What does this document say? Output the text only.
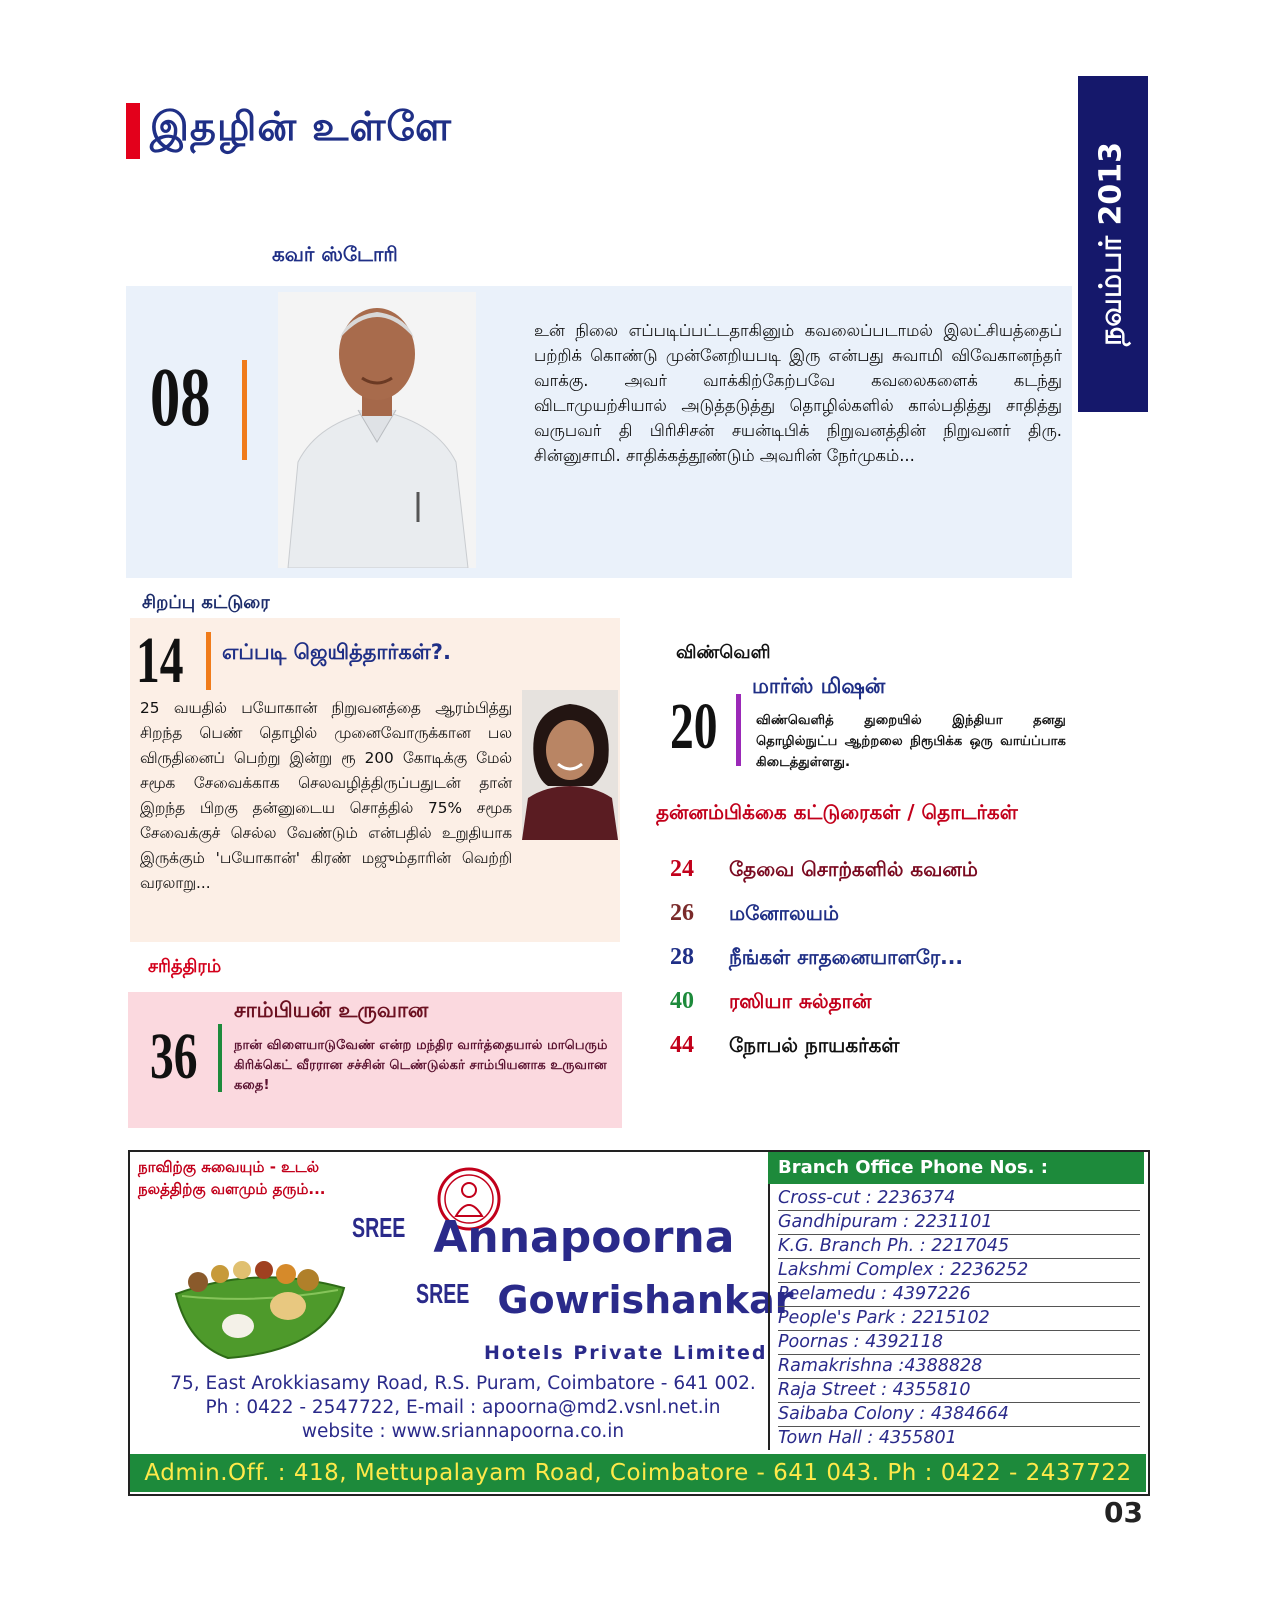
இதழின் உள்ளே
நவம்பர் 2013
கவர் ஸ்டோரி
08
உன் நிலை எப்படிப்பட்டதாகினும் கவலைப்படாமல் இலட்சியத்தைப் பற்றிக் கொண்டு முன்னேறியபடி இரு என்பது சுவாமி விவேகானந்தர் வாக்கு. அவர் வாக்கிற்கேற்பவே கவலைகளைக் கடந்து விடாமுயற்சியால் அடுத்தடுத்து தொழில்களில் கால்பதித்து சாதித்து வருபவர் தி பிரிசிசன் சயன்டிபிக் நிறுவனத்தின் நிறுவனர் திரு. சின்னுசாமி. சாதிக்கத்தூண்டும் அவரின் நேர்முகம்...
சிறப்பு கட்டுரை
14 எப்படி ஜெயித்தார்கள்?.
25 வயதில் பயோகான் நிறுவனத்தை ஆரம்பித்து சிறந்த பெண் தொழில் முனைவோருக்கான பல விருதினைப் பெற்று இன்று ரூ 200 கோடிக்கு மேல் சமூக சேவைக்காக செலவழித்திருப்பதுடன் தான் இறந்த பிறகு தன்னுடைய சொத்தில் 75% சமூக சேவைக்குச் செல்ல வேண்டும் என்பதில் உறுதியாக இருக்கும் 'பயோகான்' கிரண் மஜும்தாரின் வெற்றி வரலாறு...
சரித்திரம்
36
சாம்பியன் உருவான
நான் விளையாடுவேண் என்ற மந்திர வார்த்தையால் மாபெரும் கிரிக்கெட் வீரரான சச்சின் டெண்டுல்கர் சாம்பியனாக உருவான கதை!
விண்வெளி
20
மார்ஸ் மிஷன்
விண்வெளித் துறையில் இந்தியா தனது தொழில்நுட்ப ஆற்றலை நிரூபிக்க ஒரு வாய்ப்பாக கிடைத்துள்ளது.
தன்னம்பிக்கை கட்டுரைகள் / தொடர்கள்
24 தேவை சொற்களில் கவனம்
26 மனோலயம்
28 நீங்கள் சாதனையாளரே...
40 ரஸியா சுல்தான்
44 நோபல் நாயகர்கள்
நாவிற்கு சுவையும் - உடல்
நலத்திற்கு வளமும் தரும்...
SREE Annapoorna
SREE Gowrishankar
Hotels Private Limited
75, East Arokkiasamy Road, R.S. Puram, Coimbatore - 641 002.
Ph : 0422 - 2547722, E-mail : apoorna@md2.vsnl.net.in
website : www.sriannapoorna.co.in
Branch Office Phone Nos. :
Cross-cut : 2236374
Gandhipuram : 2231101
K.G. Branch Ph. : 2217045
Lakshmi Complex : 2236252
Peelamedu : 4397226
People's Park : 2215102
Poornas : 4392118
Ramakrishna :4388828
Raja Street : 4355810
Saibaba Colony : 4384664
Town Hall : 4355801
Admin.Off. : 418, Mettupalayam Road, Coimbatore - 641 043. Ph : 0422 - 2437722
03
